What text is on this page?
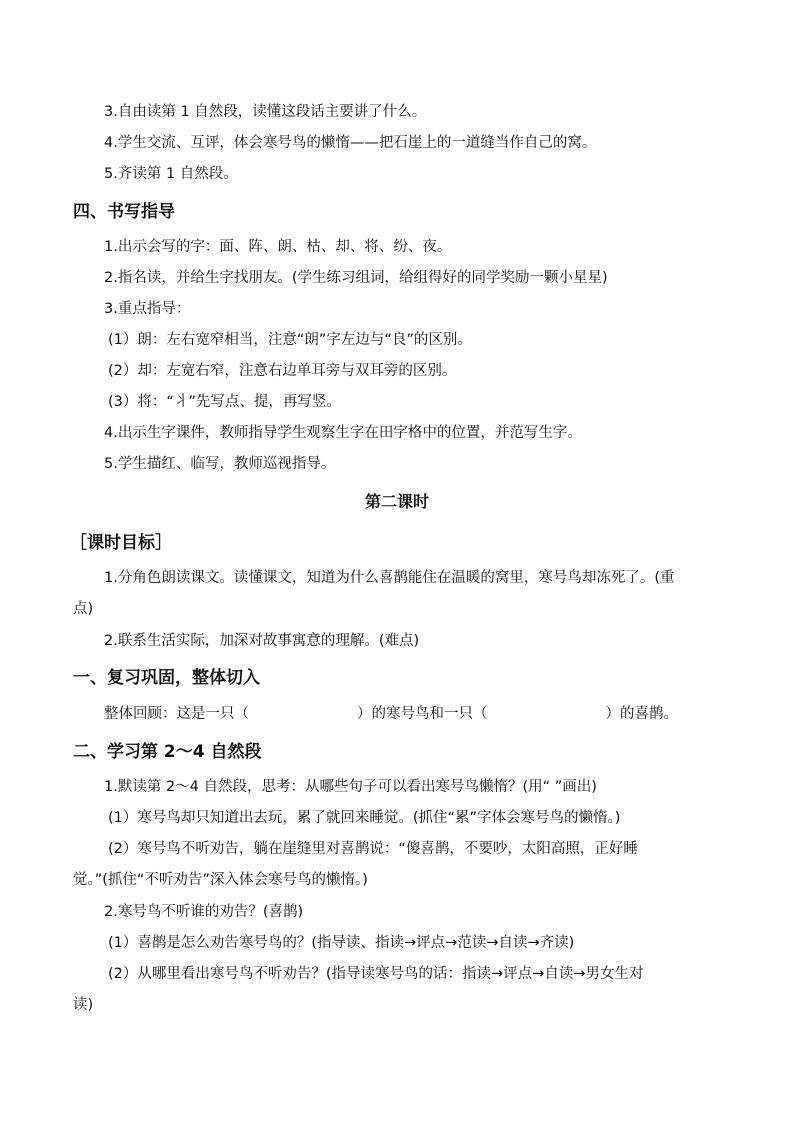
3.自由读第 1 自然段，读懂这段话主要讲了什么。
4.学生交流、互评，体会寒号鸟的懒惰——把石崖上的一道缝当作自己的窝。
5.齐读第 1 自然段。
四、书写指导
1.出示会写的字：面、阵、朗、枯、却、将、纷、夜。
2.指名读，并给生字找朋友。(学生练习组词，给组得好的同学奖励一颗小星星)
3.重点指导：
(1）朗：左右宽窄相当，注意“朗”字左边与“良”的区别。
(2）却：左宽右窄，注意右边单耳旁与双耳旁的区别。
(3）将：“丬”先写点、提，再写竖。
4.出示生字课件，教师指导学生观察生字在田字格中的位置，并范写生字。
5.学生描红、临写，教师巡视指导。
第二课时
［课时目标］
1.分角色朗读课文。读懂课文，知道为什么喜鹊能住在温暖的窝里，寒号鸟却冻死了。(重
点)
2.联系生活实际，加深对故事寓意的理解。(难点)
一、复习巩固，整体切入
整体回顾：这是一只（	）的寒号鸟和一只（	）的喜鹊。
二、学习第 2～4 自然段
1.默读第 2～4 自然段，思考：从哪些句子可以看出寒号鸟懒惰？(用“ ”画出)
(1）寒号鸟却只知道出去玩，累了就回来睡觉。(抓住“累”字体会寒号鸟的懒惰。)
(2）寒号鸟不听劝告，躺在崖缝里对喜鹊说：“傻喜鹊，不要吵，太阳高照，正好睡
觉。”(抓住“不听劝告”深入体会寒号鸟的懒惰。)
2.寒号鸟不听谁的劝告？(喜鹊)
(1）喜鹊是怎么劝告寒号鸟的？(指导读、指读→评点→范读→自读→齐读)
(2）从哪里看出寒号鸟不听劝告？(指导读寒号鸟的话：指读→评点→自读→男女生对
读)
